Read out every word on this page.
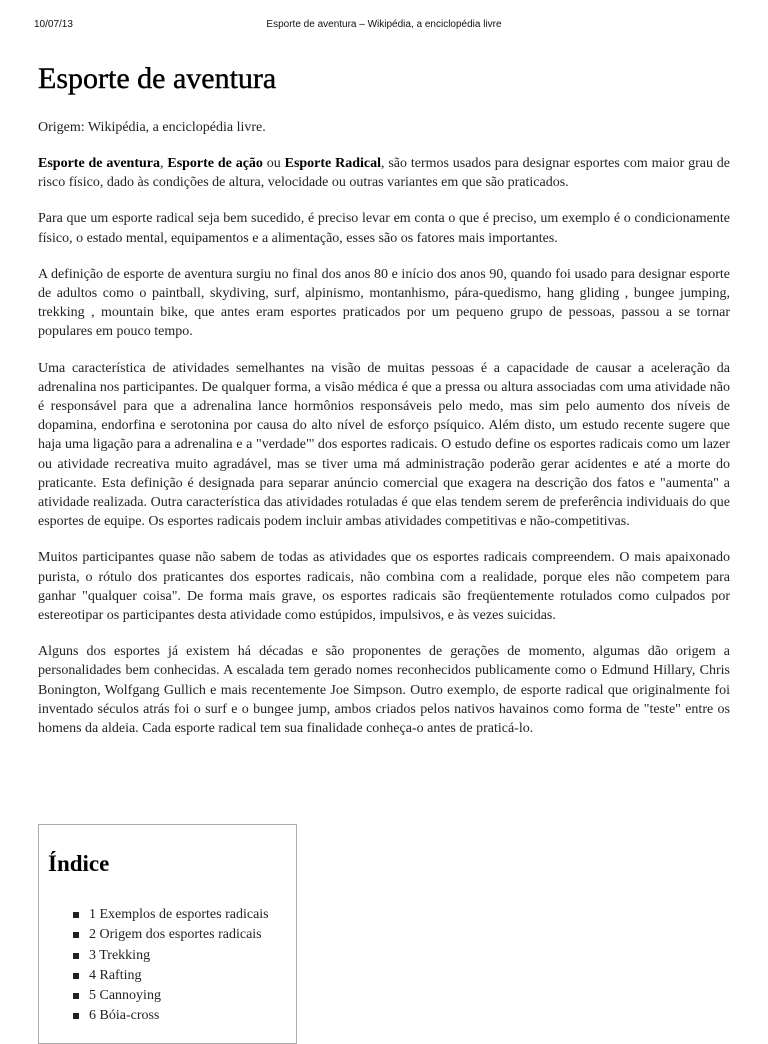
10/07/13	Esporte de aventura – Wikipédia, a enciclopédia livre
Esporte de aventura
Origem: Wikipédia, a enciclopédia livre.

Esporte de aventura, Esporte de ação ou Esporte Radical, são termos usados para designar esportes com maior grau de risco físico, dado às condições de altura, velocidade ou outras variantes em que são praticados.

Para que um esporte radical seja bem sucedido, é preciso levar em conta o que é preciso, um exemplo é o condicionamente físico, o estado mental, equipamentos e a alimentação, esses são os fatores mais importantes.

A definição de esporte de aventura surgiu no final dos anos 80 e início dos anos 90, quando foi usado para designar esporte de adultos como o paintball, skydiving, surf, alpinismo, montanhismo, pára-quedismo, hang gliding , bungee jumping, trekking , mountain bike, que antes eram esportes praticados por um pequeno grupo de pessoas, passou a se tornar populares em pouco tempo.

Uma característica de atividades semelhantes na visão de muitas pessoas é a capacidade de causar a aceleração da adrenalina nos participantes. De qualquer forma, a visão médica é que a pressa ou altura associadas com uma atividade não é responsável para que a adrenalina lance hormônios responsáveis pelo medo, mas sim pelo aumento dos níveis de dopamina, endorfina e serotonina por causa do alto nível de esforço psíquico. Além disto, um estudo recente sugere que haja uma ligação para a adrenalina e a "verdade"' dos esportes radicais. O estudo define os esportes radicais como um lazer ou atividade recreativa muito agradável, mas se tiver uma má administração poderão gerar acidentes e até a morte do praticante. Esta definição é designada para separar anúncio comercial que exagera na descrição dos fatos e "aumenta" a atividade realizada. Outra característica das atividades rotuladas é que elas tendem serem de preferência individuais do que esportes de equipe. Os esportes radicais podem incluir ambas atividades competitivas e não-competitivas.

Muitos participantes quase não sabem de todas as atividades que os esportes radicais compreendem. O mais apaixonado purista, o rótulo dos praticantes dos esportes radicais, não combina com a realidade, porque eles não competem para ganhar "qualquer coisa". De forma mais grave, os esportes radicais são freqüentemente rotulados como culpados por estereotipar os participantes desta atividade como estúpidos, impulsivos, e às vezes suicidas.

Alguns dos esportes já existem há décadas e são proponentes de gerações de momento, algumas dão origem a personalidades bem conhecidas. A escalada tem gerado nomes reconhecidos publicamente como o Edmund Hillary, Chris Bonington, Wolfgang Gullich e mais recentemente Joe Simpson. Outro exemplo, de esporte radical que originalmente foi inventado séculos atrás foi o surf e o bungee jump, ambos criados pelos nativos havainos como forma de "teste" entre os homens da aldeia. Cada esporte radical tem sua finalidade conheça-o antes de praticá-lo.

Índice
1 Exemplos de esportes radicais
2 Origem dos esportes radicais
3 Trekking
4 Rafting
5 Cannoying
6 Bóia-cross
